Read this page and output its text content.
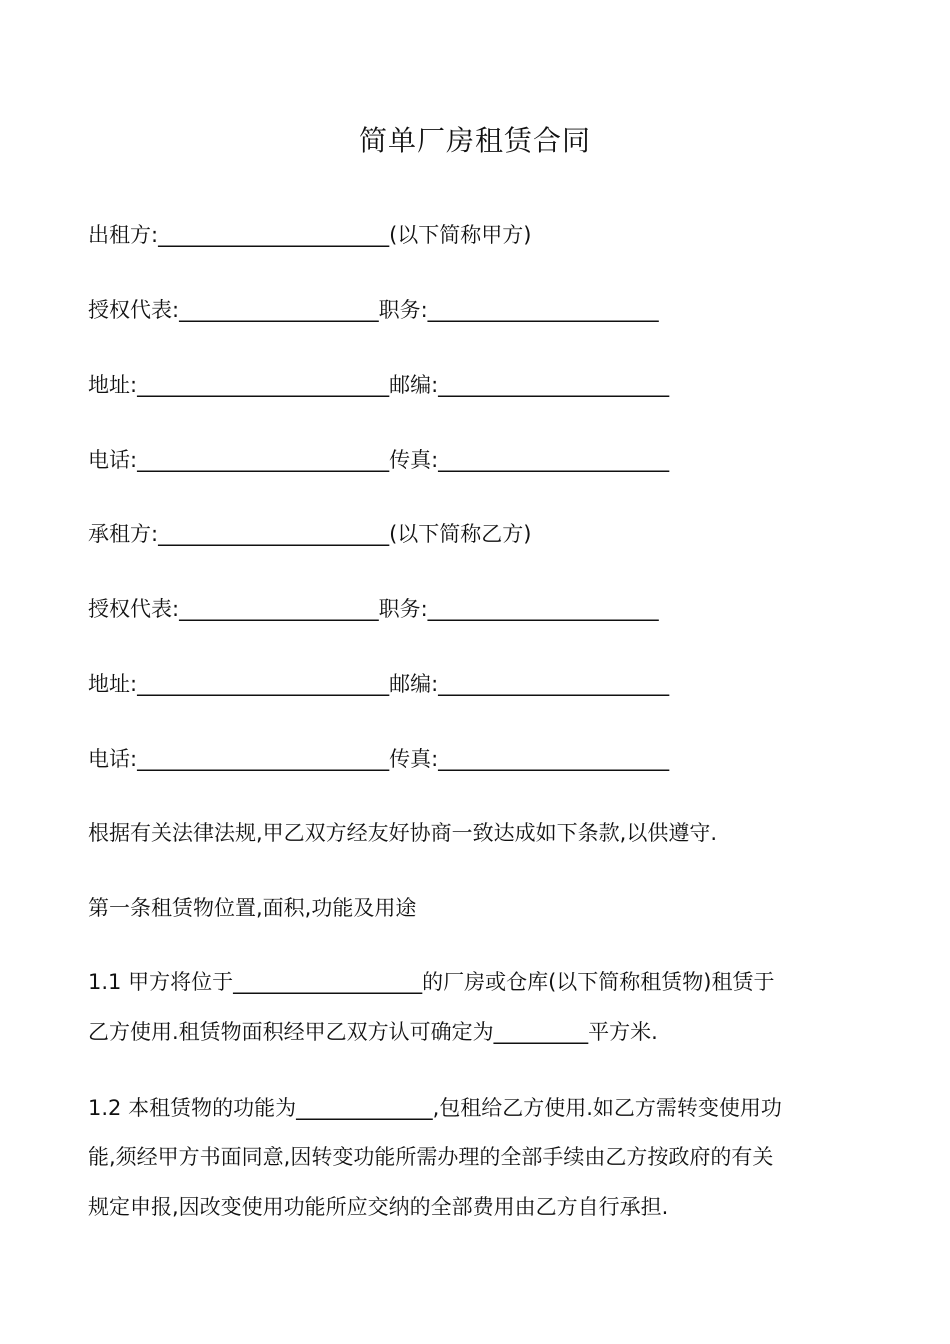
简单厂房租赁合同
出租方:______________________(以下简称甲方)
授权代表:___________________职务:______________________
地址:________________________邮编:______________________
电话:________________________传真:______________________
承租方:______________________(以下简称乙方)
授权代表:___________________职务:______________________
地址:________________________邮编:______________________
电话:________________________传真:______________________
根据有关法律法规,甲乙双方经友好协商一致达成如下条款,以供遵守.
第一条租赁物位置,面积,功能及用途
1.1 甲方将位于__________________的厂房或仓库(以下简称租赁物)租赁于
乙方使用.租赁物面积经甲乙双方认可确定为_________平方米.
1.2 本租赁物的功能为_____________,包租给乙方使用.如乙方需转变使用功
能,须经甲方书面同意,因转变功能所需办理的全部手续由乙方按政府的有关
规定申报,因改变使用功能所应交纳的全部费用由乙方自行承担.
